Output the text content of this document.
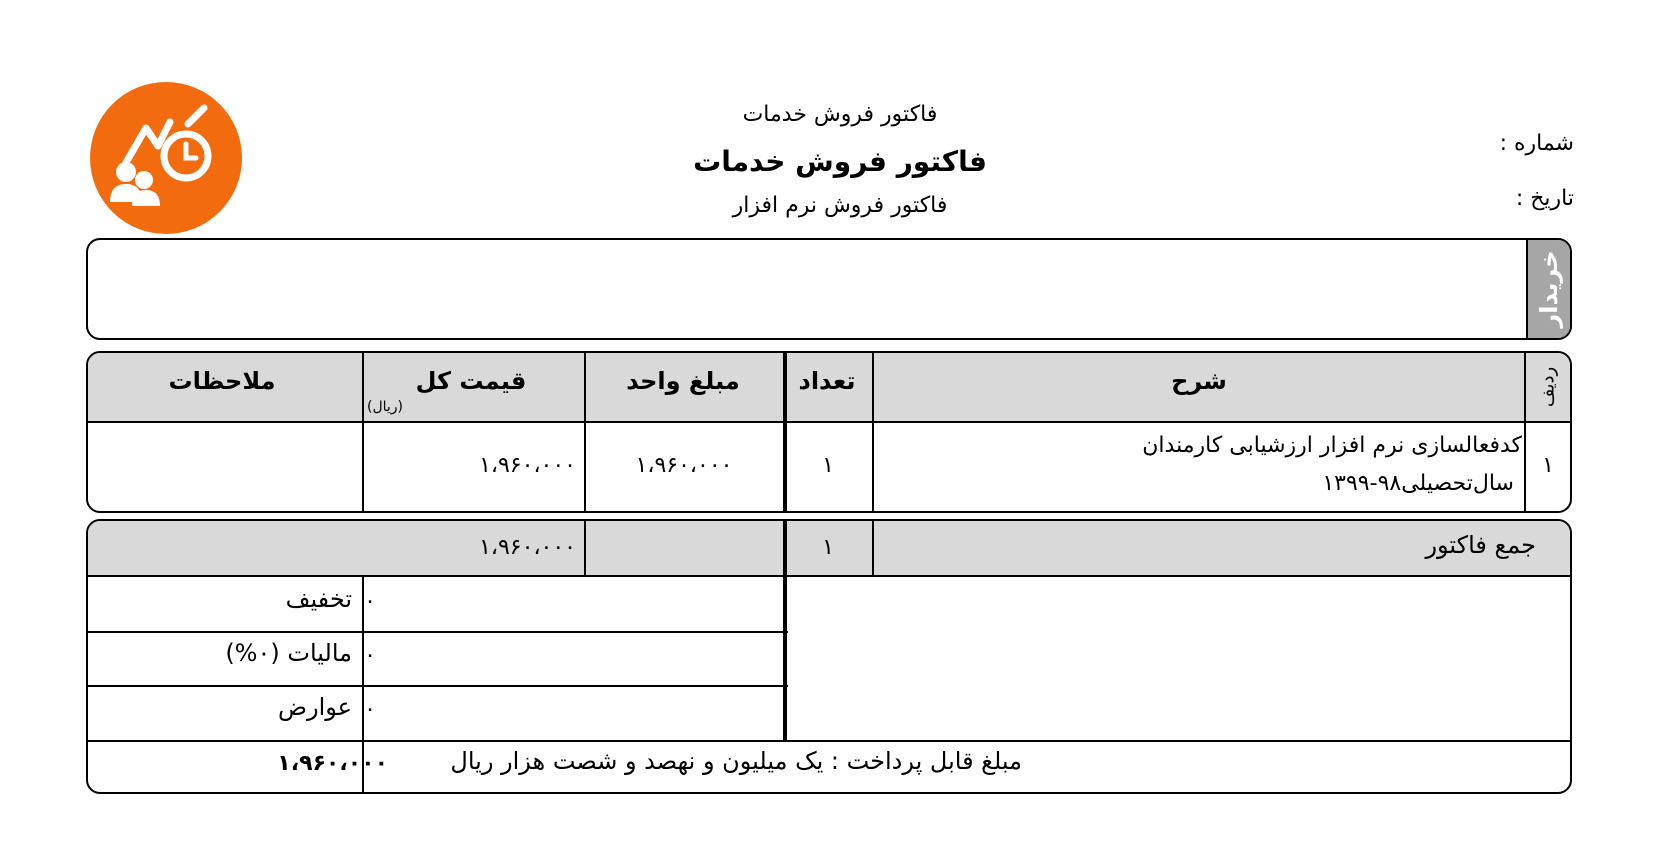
فاکتور فروش خدمات
فاکتور فروش خدمات
فاکتور فروش نرم افزار
شماره :
تاریخ :
خریدار
ردیف
شرح
تعداد
مبلغ واحد
قیمت کل
(ریال)
ملاحظات
۱
کدفعالسازی نرم افزار ارزشیابی کارمندان
سال‌تحصیلی۹۸-۱۳۹۹
۱
۱،۹۶۰،۰۰۰
۱،۹۶۰،۰۰۰
جمع فاکتور
۱
۱،۹۶۰،۰۰۰
تخفیف ۰
مالیات (۰%) ۰
عوارض ۰
مبلغ قابل پرداخت : یک میلیون و نهصد و شصت هزار ریال
۱،۹۶۰،۰۰۰
